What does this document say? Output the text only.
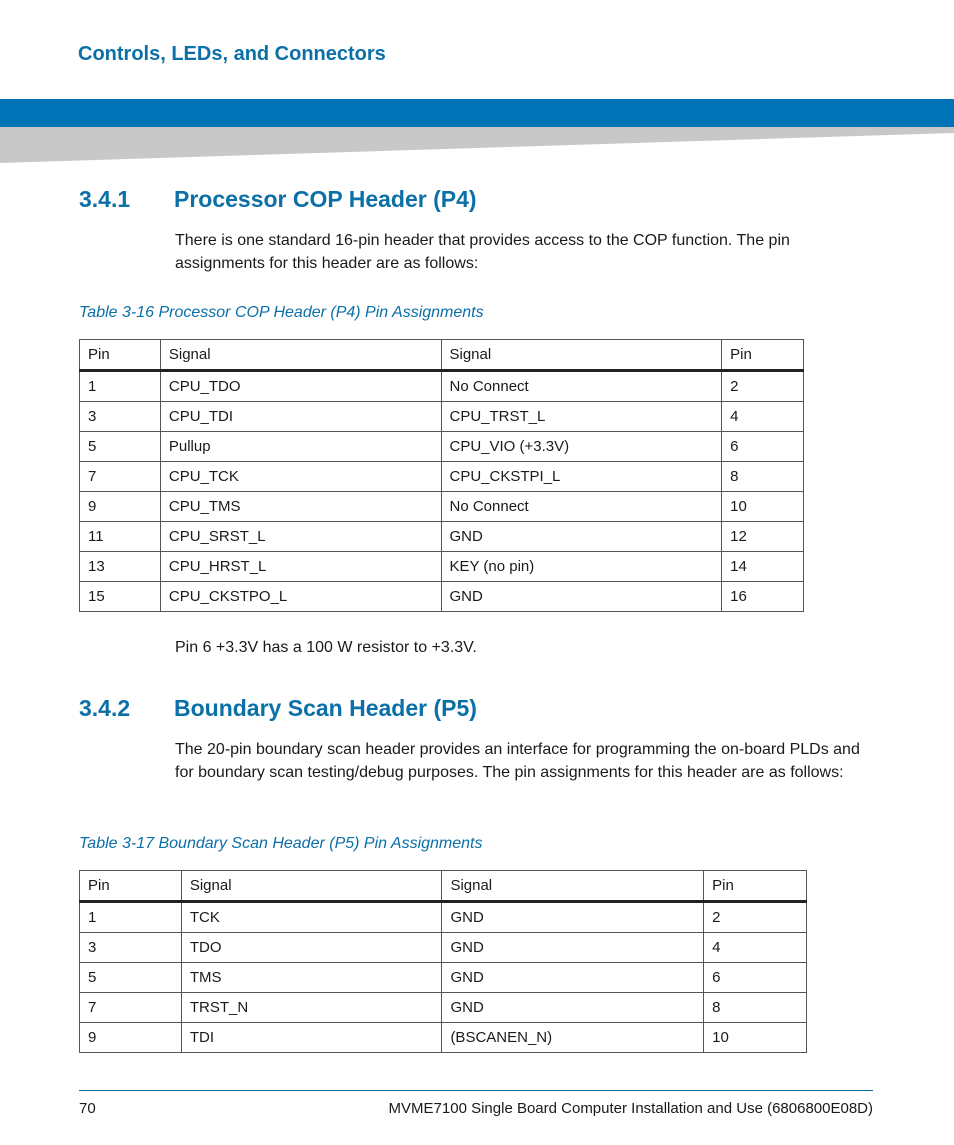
Controls, LEDs, and Connectors
3.4.1 Processor COP Header (P4)

There is one standard 16-pin header that provides access to the COP function. The pin assignments for this header are as follows:

Table 3-16 Processor COP Header (P4) Pin Assignments

Pin	Signal	Signal	Pin
1	CPU_TDO	No Connect	2
3	CPU_TDI	CPU_TRST_L	4
5	Pullup	CPU_VIO (+3.3V)	6
7	CPU_TCK	CPU_CKSTPI_L	8
9	CPU_TMS	No Connect	10
11	CPU_SRST_L	GND	12
13	CPU_HRST_L	KEY (no pin)	14
15	CPU_CKSTPO_L	GND	16

Pin 6 +3.3V has a 100 W resistor to +3.3V.

3.4.2 Boundary Scan Header (P5)

The 20-pin boundary scan header provides an interface for programming the on-board PLDs and for boundary scan testing/debug purposes. The pin assignments for this header are as follows:

Table 3-17 Boundary Scan Header (P5) Pin Assignments

Pin	Signal	Signal	Pin
1	TCK	GND	2
3	TDO	GND	4
5	TMS	GND	6
7	TRST_N	GND	8
9	TDI	(BSCANEN_N)	10
70	MVME7100 Single Board Computer Installation and Use (6806800E08D)
